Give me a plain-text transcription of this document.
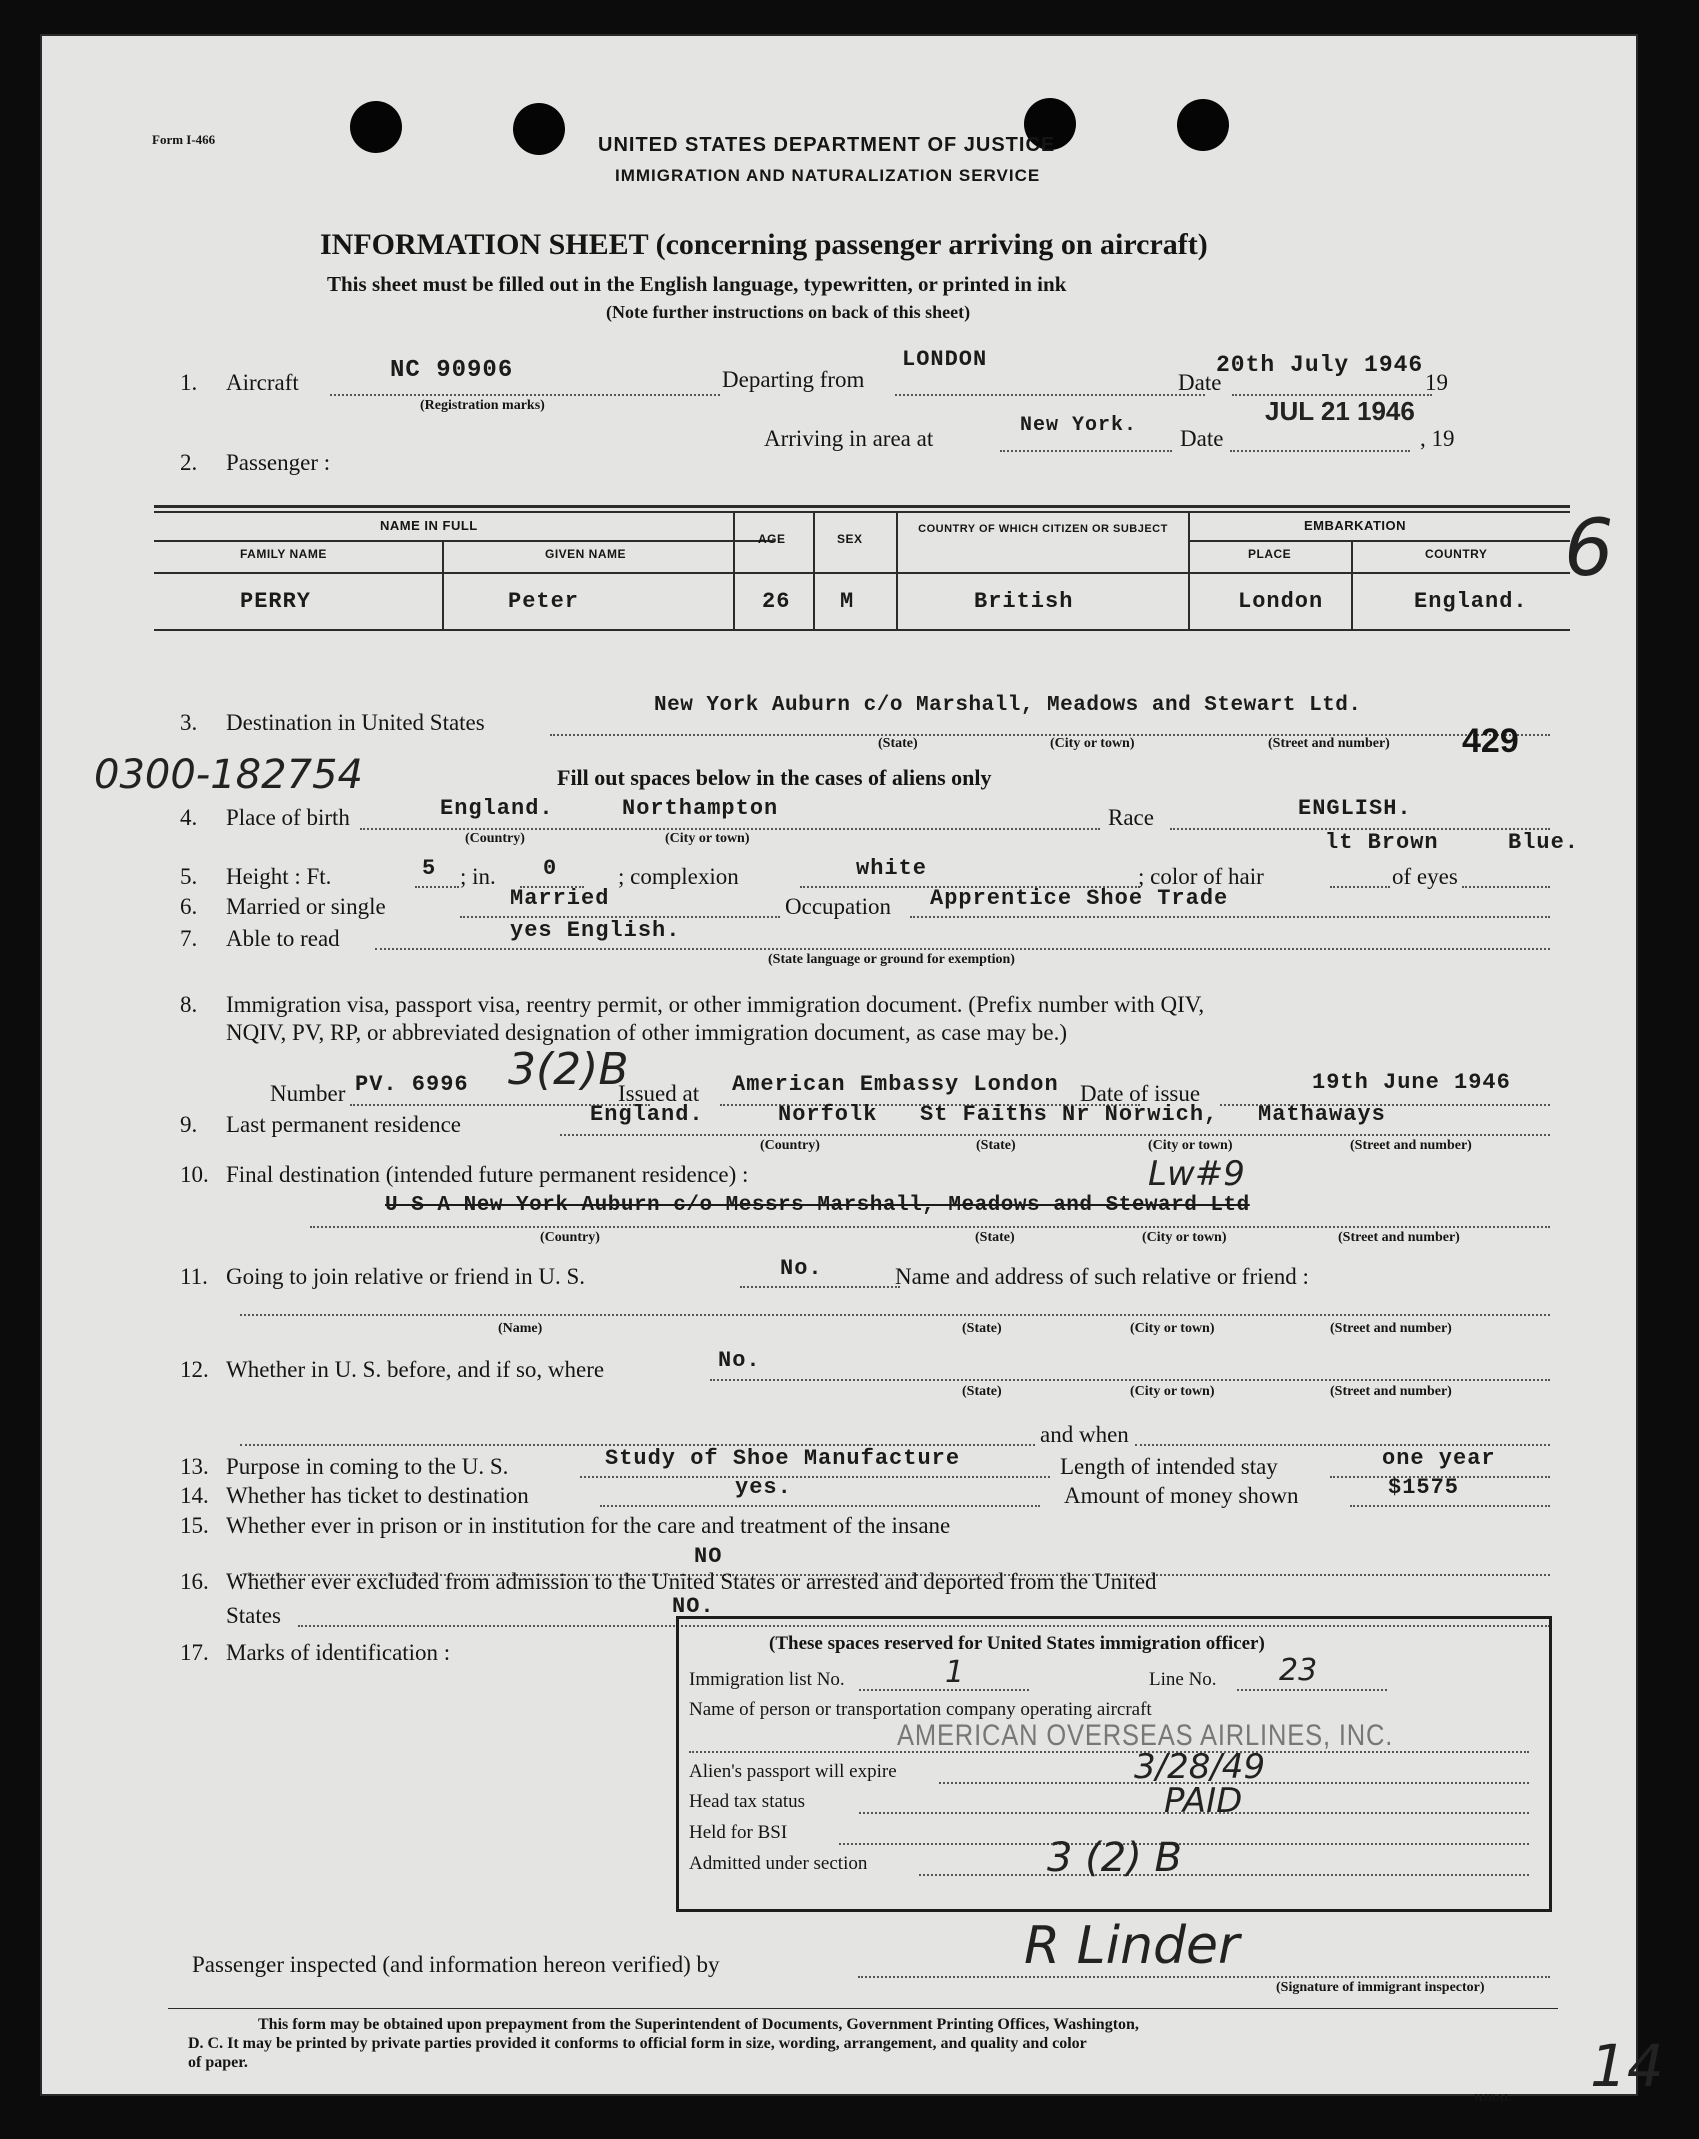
Form I-466	UNITED STATES DEPARTMENT OF JUSTICE
IMMIGRATION AND NATURALIZATION SERVICE
INFORMATION SHEET (concerning passenger arriving on aircraft)
This sheet must be filled out in the English language, typewritten, or printed in ink
(Note further instructions on back of this sheet)
1. Aircraft	NC 90906
(Registration marks)
Departing from
LONDON
Date
20th July 1946
19
Arriving in area at
New York.
Date
JUL 21 1946
, 19
2. Passenger :
NAME IN FULL
FAMILY NAME	GIVEN NAME
AGE	SEX
COUNTRY OF WHICH CITIZEN OR SUBJECT	EMBARKATION
PLACE	COUNTRY
PERRY	Peter	26 M	British	London	England.
3. Destination in United States
New York Auburn c/o Marshall, Meadows and Stewart Ltd.
(State)	(City or town)	(Street and number) 429
0300-182754	Fill out spaces below in the cases of aliens only
4. Place of birth	England.	Northampton
(Country)	(City or town)
Race	ENGLISH.
5. Height : Ft.	5 ; in. 0	; complexion	white	; color of hair
lt Brown
of eyes
Blue.
6. Married or single	Married	Occupation Apprentice Shoe Trade
7. Able to read	yes English.
(State language or ground for exemption)
8. Immigration visa, passport visa, reentry permit, or other immigration document. (Prefix number with QIV,
NQIV, PV, RP, or abbreviated designation of other immigration document, as case may be.)
Number PV. 6996 3(2)B
Issued at American Embassy London Date of issue	19th June 1946
9. Last permanent residence	England.	Norfolk St Faiths Nr Norwich, Mathaways
(Country)	(State)	(City or town)	(Street and number)
10. Final destination (intended future permanent residence) :	Lw#9
U S A New York Auburn c/o Messrs Marshall, Meadows and Steward Ltd
(Country)	(State)	(City or town)	(Street and number)
11. Going to join relative or friend in U. S.	No.	Name and address of such relative or friend :
(Name)	(State)	(City or town)	(Street and number)
12. Whether in U. S. before, and if so, where	No.
(State)	(City or town)	(Street and number)
and when
13. Purpose in coming to the U. S.	Study of Shoe Manufacture	Length of intended stay	one year
14. Whether has ticket to destination	yes.	Amount of money shown	$1575
15. Whether ever in prison or in institution for the care and treatment of the insane
NO
16. Whether ever excluded from admission to the United States or arrested and deported from the United
States	NO.
17. Marks of identification :	(These spaces reserved for United States immigration officer)
Immigration list No.	1	Line No. 23
Name of person or transportation company operating aircraft
AMERICAN OVERSEAS AIRLINES, INC.
Alien's passport will expire	3/28/49
Head tax status	PAID
Held for BSI
Admitted under section	3 (2) B
Passenger inspected (and information hereon verified) by	R Linder
(Signature of immigrant inspector)
This form may be obtained upon prepayment from the Superintendent of Documents, Government Printing Offices, Washington,
D. C. It may be printed by private parties provided it conforms to official form in size, wording, arrangement, and quality and color
of paper.
HJRAL
6
14
